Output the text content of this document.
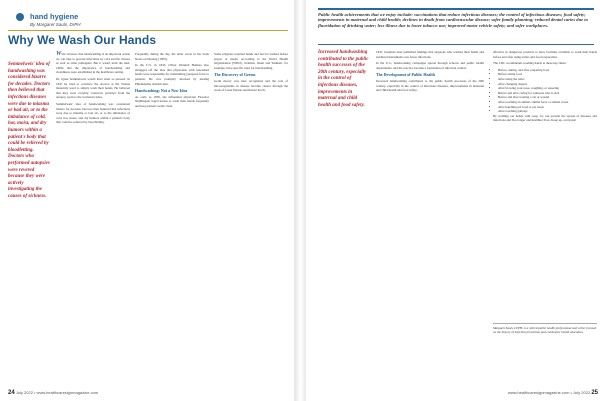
hand hygiene
By Margaret Sauls, DrPH
Why We Wash Our Hands
Semmelweis' idea of handwashing was considered bizarre for decades. Doctors then believed that infectious diseases were due to miasma or bad air, or to the imbalance of cold, hot, moist, and dry humors within a patient's body that could be relieved by bloodletting. Doctors who performed autopsies were revered because they were actively investigating the causes of sickness.

WWe all know that handwashing is an important action we can take to prevent infections by cold and flu viruses as well as other pathogens. But it wasn't until the mid-1800s that the importance of handwashing and cleanliness were established in the healthcare setting.

Dr. Ignaz Semmelweis would have been so pleased. In 1847 he tried to convince the doctors at the Vienna maternity ward to simply wash their hands. He believed that they were carrying 'cadaveric particles' from the autopsy room to the women in labor.

Semmelweis' idea of handwashing was considered bizarre for decades. Doctors then believed that infections were due to miasma or bad air, or to the imbalance of cold, hot, moist, and dry humors within a patient's body that could be relieved by bloodletting.

Frequently during the day, the latter wrote in her book Notes on Nursing (1859).

In the U.S. in 1843, Oliver Wendell Holmes also shrugged off the idea that physicians with unwashed hands were responsible for transmitting puerperal fever to patients. He was promptly attacked by leading Philadelphia obstetricians.

Handwashing: Not a New Idea

As early as 1850, the influential physician Florence Nightingale urged nurses to wash their hands frequently and keep patient rooms clean.

Some religions required hands and feet be washed before prayer or meals. According to the World Health Organization (WHO), Judaism, Islam and Sikhism, for example, have specific rules for handwashing.

The Discovery of Germs

Germ theory was later recognized and the role of microorganisms in disease became clearer through the work of Louis Pasteur and Robert Koch.

24 July 2022 • www.healthcaresignmagazine.com
Public health achievements that we enjoy include: vaccinations that reduce infectious diseases; the control of infectious diseases; food safety; improvements in maternal and child health; declines in death from cardiovascular disease; safer family planning; reduced dental caries due to fluoridation of drinking water; less illness due to lower tobacco use; improved motor vehicle safety; and safer workplaces.
Increased handwashing contributed to the public health successes of the 20th century, especially in the control of infectious diseases, improvements in maternal and child health and food safety.

1847, hospitals later published findings that surgeons who washed their hands and sterilized instruments saw fewer infections.

In the U.S., handwashing campaigns spread through schools and public health departments, and the practice became a foundation of infection control.

The Development of Public Health

Increased handwashing contributed to the public health successes of the 20th century, especially in the control of infectious diseases, improvements in maternal and child health and food safety.

effective in dangerous products to have facilities available to wash their hands before and after using toilets and food preparation.

The CDC recommends washing hands at these key times:

• Before, during, and after preparing food
• Before eating food
• After using the toilet
• After changing diapers
• After blowing your nose, coughing, or sneezing
• Before and after caring for someone who is sick
• Before and after treating a cut or wound
• After touching an animal, animal feed, or animal waste
• After handling pet food or pet treats
• After touching garbage

By washing our hands with soap, we can prevent the spread of diseases and infections and live longer and healthier lives. Keep up, everyone!

Margaret Sauls, DrPH, is a retired public health professional and writer focused on the history of infection prevention and community health education.
www.healthcaresignmagazine.com • July 2022 25
